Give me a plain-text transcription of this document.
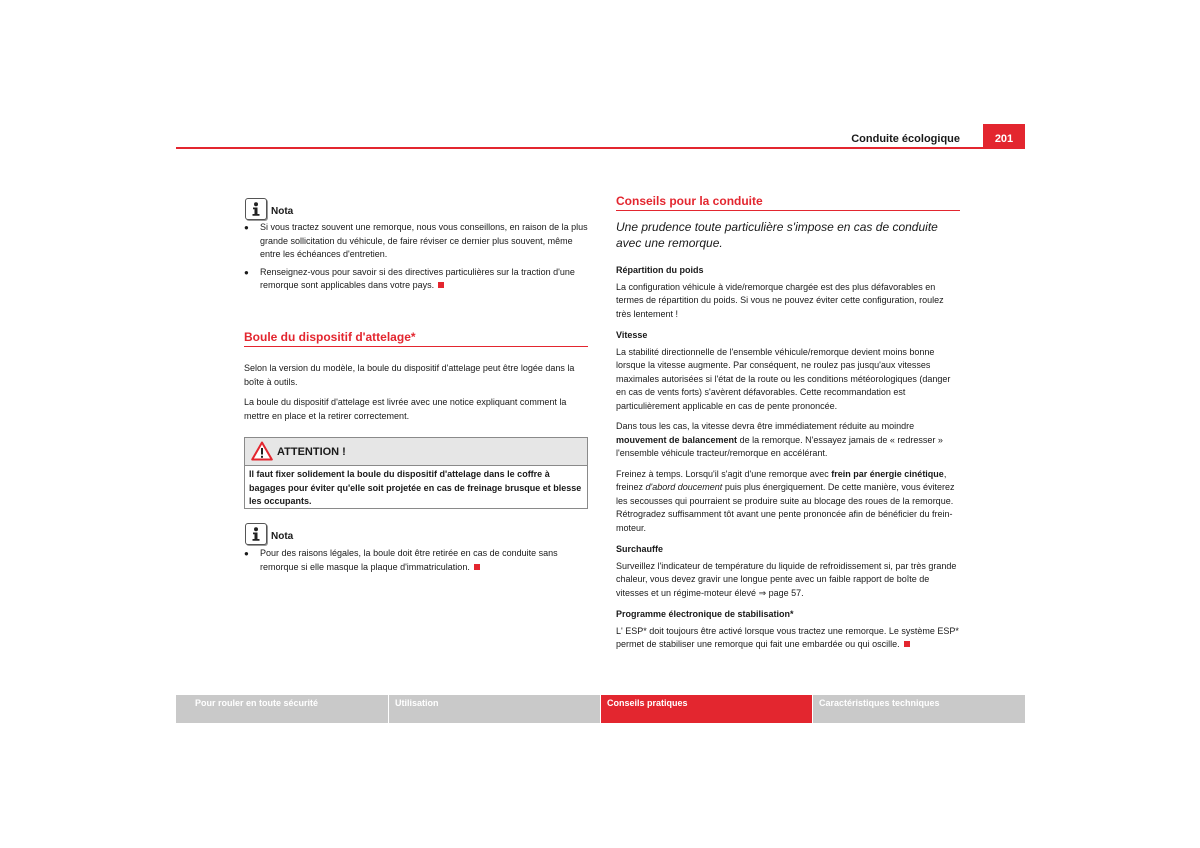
Conduite écologique	201
Nota

● Si vous tractez souvent une remorque, nous vous conseillons, en raison de la plus grande sollicitation du véhicule, de faire réviser ce dernier plus souvent, même entre les échéances d'entretien.

● Renseignez-vous pour savoir si des directives particulières sur la traction d'une remorque sont applicables dans votre pays.

Boule du dispositif d'attelage*

Selon la version du modèle, la boule du dispositif d'attelage peut être logée dans la boîte à outils.

La boule du dispositif d'attelage est livrée avec une notice expliquant comment la mettre en place et la retirer correctement.

ATTENTION !
Il faut fixer solidement la boule du dispositif d'attelage dans le coffre à bagages pour éviter qu'elle soit projetée en cas de freinage brusque et blesse les occupants.
Nota

● Pour des raisons légales, la boule doit être retirée en cas de conduite sans remorque si elle masque la plaque d'immatriculation.

Conseils pour la conduite
Une prudence toute particulière s'impose en cas de conduite avec une remorque.

Répartition du poids

La configuration véhicule à vide/remorque chargée est des plus défavorables en termes de répartition du poids. Si vous ne pouvez éviter cette configuration, roulez très lentement !

Vitesse

La stabilité directionnelle de l'ensemble véhicule/remorque devient moins bonne lorsque la vitesse augmente. Par conséquent, ne roulez pas jusqu'aux vitesses maximales autorisées si l'état de la route ou les conditions météorologiques (danger en cas de vents forts) s'avèrent défavorables. Cette recommandation est particulièrement applicable en cas de pente prononcée.

Dans tous les cas, la vitesse devra être immédiatement réduite au moindre mouvement de balancement de la remorque. N'essayez jamais de « redresser » l'ensemble véhicule tracteur/remorque en accélérant.

Freinez à temps. Lorsqu'il s'agit d'une remorque avec frein par énergie cinétique, freinez d'abord doucement puis plus énergiquement. De cette manière, vous éviterez les secousses qui pourraient se produire suite au blocage des roues de la remorque. Rétrogradez suffisamment tôt avant une pente prononcée afin de bénéficier du frein-moteur.

Surchauffe

Surveillez l'indicateur de température du liquide de refroidissement si, par très grande chaleur, vous devez gravir une longue pente avec un faible rapport de boîte de vitesses et un régime-moteur élevé ⇒ page 57.

Programme électronique de stabilisation*

L' ESP* doit toujours être activé lorsque vous tractez une remorque. Le système ESP* permet de stabiliser une remorque qui fait une embardée ou qui oscille.

Pour rouler en toute sécurité	Utilisation	Conseils pratiques	Caractéristiques techniques
